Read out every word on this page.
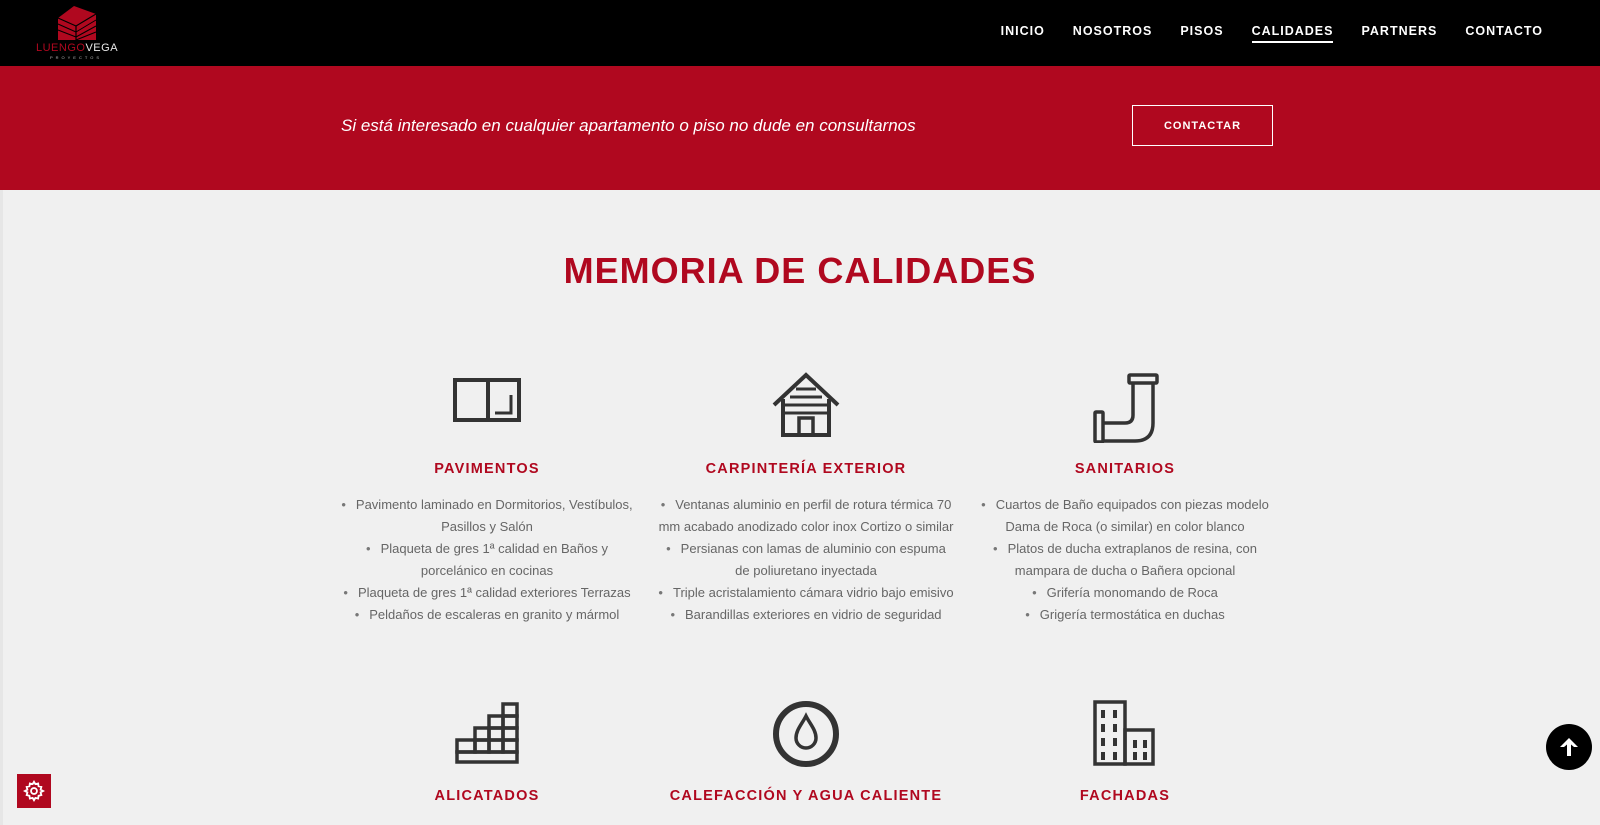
LUENGOVEGA
PROYECTOS
INICIO NOSOTROS PISOS CALIDADES PARTNERS CONTACTO
Si está interesado en cualquier apartamento o piso no dude en consultarnos	CONTACTAR
MEMORIA DE CALIDADES
PAVIMENTOS
• Pavimento laminado en Dormitorios, Vestíbulos,
Pasillos y Salón
• Plaqueta de gres 1ª calidad en Baños y
porcelánico en cocinas
• Plaqueta de gres 1ª calidad exteriores Terrazas
• Peldaños de escaleras en granito y mármol
CARPINTERÍA EXTERIOR
• Ventanas aluminio en perfil de rotura térmica 70
mm acabado anodizado color inox Cortizo o similar
• Persianas con lamas de aluminio con espuma
de poliuretano inyectada
• Triple acristalamiento cámara vidrio bajo emisivo
• Barandillas exteriores en vidrio de seguridad
SANITARIOS
• Cuartos de Baño equipados con piezas modelo
Dama de Roca (o similar) en color blanco
• Platos de ducha extraplanos de resina, con
mampara de ducha o Bañera opcional
• Grifería monomando de Roca
• Grigería termostática en duchas
ALICATADOS	CALEFACCIÓN Y AGUA CALIENTE	FACHADAS
